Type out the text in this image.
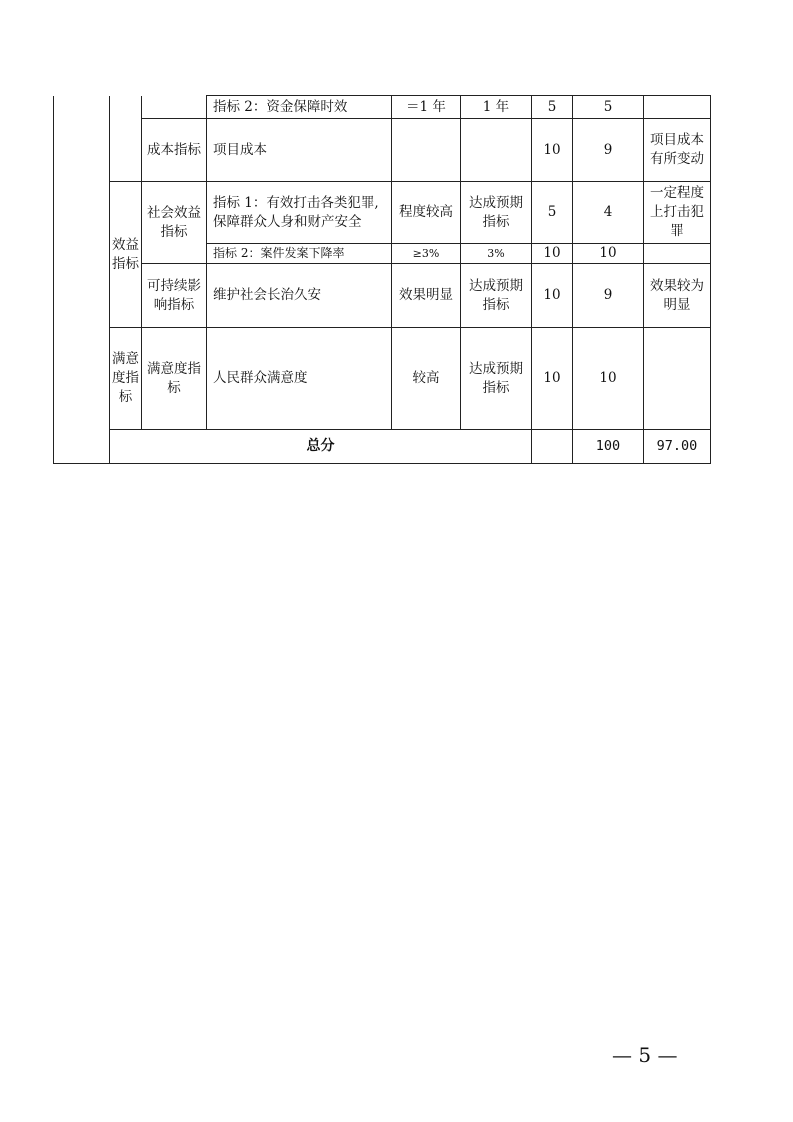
			指标 2：资金保障时效	＝1 年	1 年	5	5		
		成本指标	项目成本			10	9	项目成本有所变动	
	效益指标	社会效益指标	指标 1：有效打击各类犯罪,保障群众人身和财产安全	程度较高	达成预期指标	5	4	一定程度上打击犯罪	
			指标 2：案件发案下降率	≥3%	3%	10	10		
		可持续影响指标	维护社会长治久安	效果明显	达成预期指标	10	9	效果较为明显	
	满意度指标	满意度指标	人民群众满意度	较高	达成预期指标	10	10		
	总分						100	97.00	
— 5 —
